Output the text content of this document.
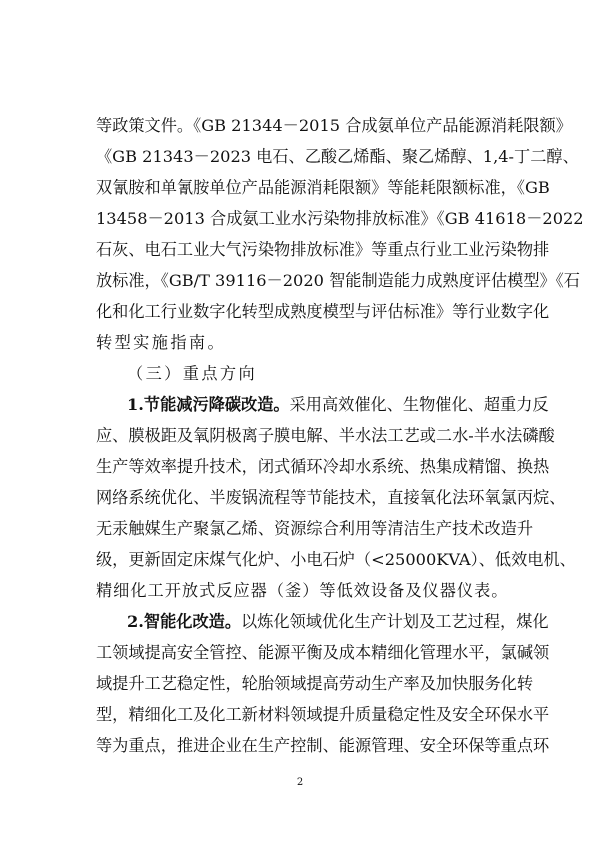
等政策文件。《GB 21344－2015 合成氨单位产品能源消耗限额》
《GB 21343－2023 电石、乙酸乙烯酯、聚乙烯醇、1,4-丁二醇、
双氰胺和单氰胺单位产品能源消耗限额》等能耗限额标准，《GB
13458－2013 合成氨工业水污染物排放标准》《GB 41618－2022
石灰、电石工业大气污染物排放标准》等重点行业工业污染物排
放标准，《GB/T 39116－2020 智能制造能力成熟度评估模型》《石
化和化工行业数字化转型成熟度模型与评估标准》等行业数字化
转型实施指南。
（三）重点方向
1.节能减污降碳改造。采用高效催化、生物催化、超重力反
应、膜极距及氧阴极离子膜电解、半水法工艺或二水-半水法磷酸
生产等效率提升技术，闭式循环冷却水系统、热集成精馏、换热
网络系统优化、半废锅流程等节能技术，直接氧化法环氧氯丙烷、
无汞触媒生产聚氯乙烯、资源综合利用等清洁生产技术改造升
级，更新固定床煤气化炉、小电石炉（<25000KVA）、低效电机、
精细化工开放式反应器（釜）等低效设备及仪器仪表。
2.智能化改造。以炼化领域优化生产计划及工艺过程，煤化
工领域提高安全管控、能源平衡及成本精细化管理水平，氯碱领
域提升工艺稳定性，轮胎领域提高劳动生产率及加快服务化转
型，精细化工及化工新材料领域提升质量稳定性及安全环保水平
等为重点，推进企业在生产控制、能源管理、安全环保等重点环
2
